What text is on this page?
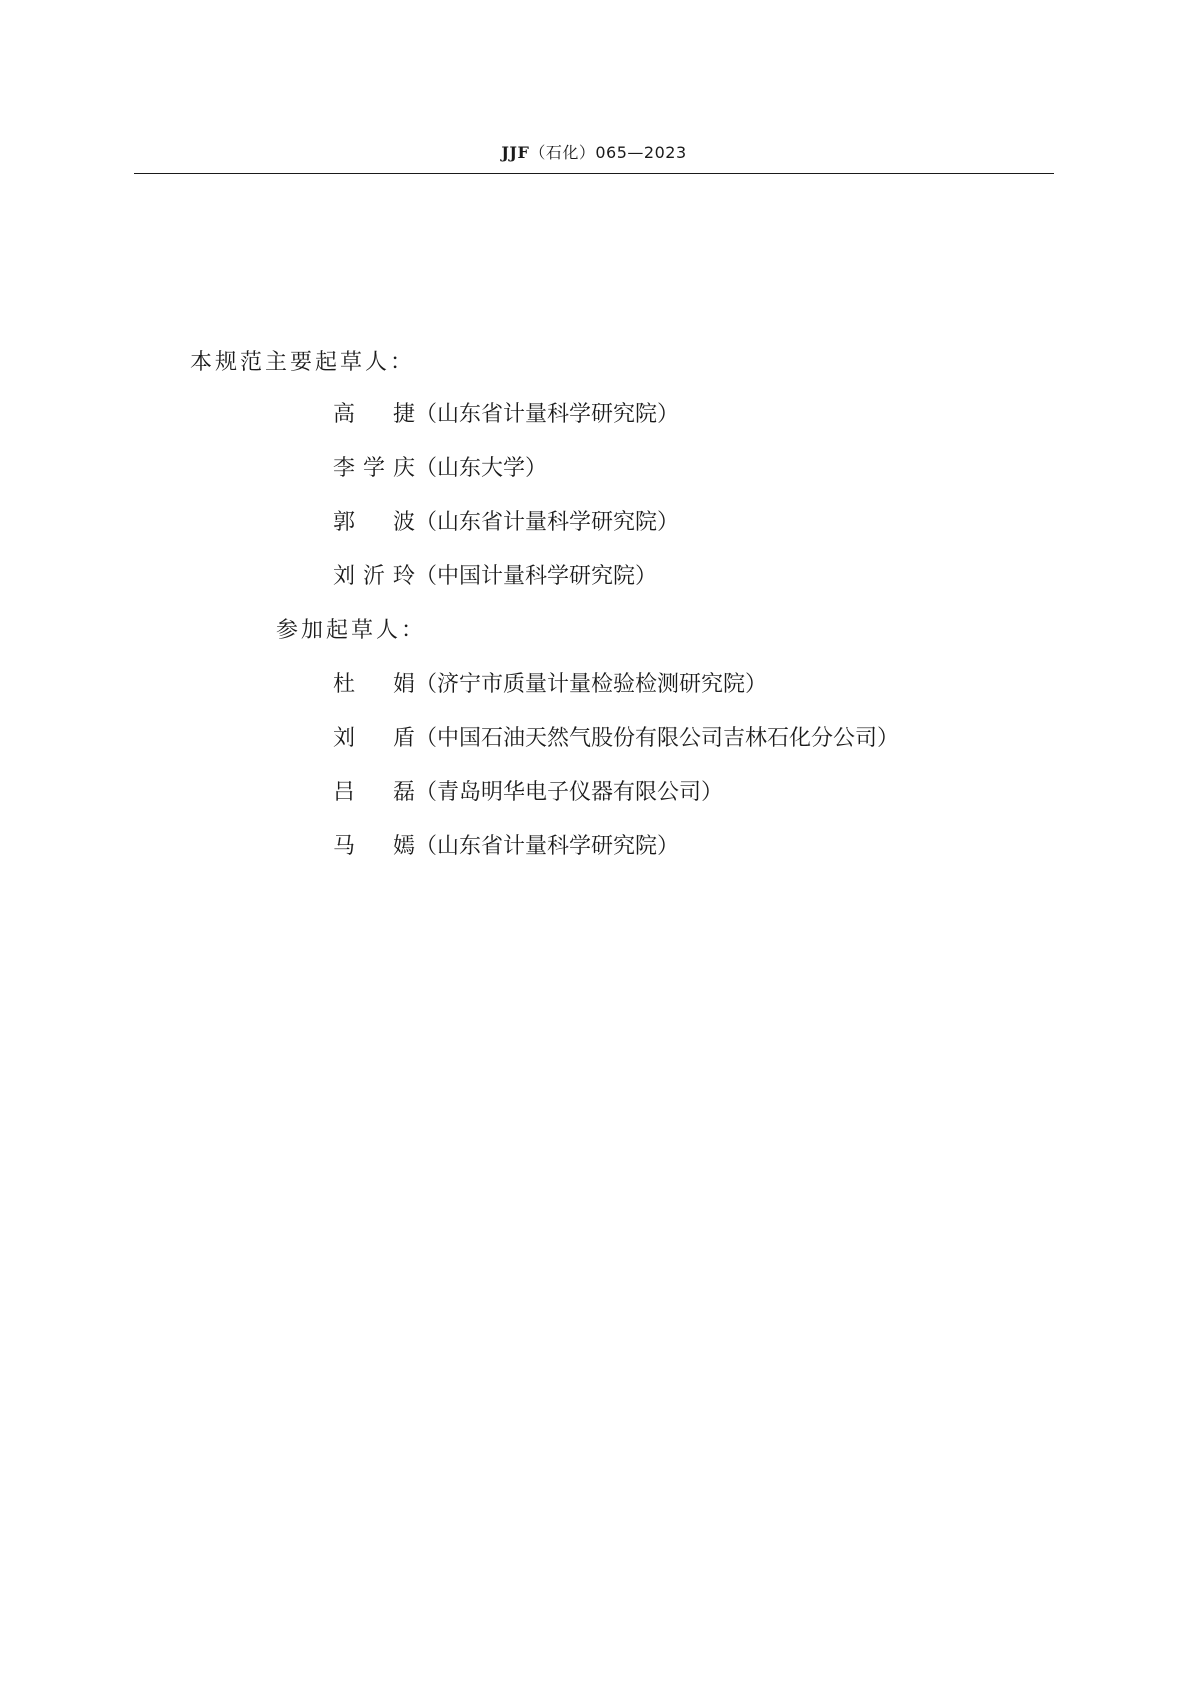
JJF（石化）065—2023
本规范主要起草人：
高　捷	（ 山东省计量科学研究院 ）
李学庆	（ 山东大学 ）
郭　波	（ 山东省计量科学研究院 ）
刘沂玲	（ 中国计量科学研究院 ）
参加起草人：
杜　娟	（ 济宁市质量计量检验检测研究院 ）
刘　盾	（ 中国石油天然气股份有限公司吉林石化分公司 ）
吕　磊	（ 青岛明华电子仪器有限公司 ）
马　嫣	（ 山东省计量科学研究院 ）
